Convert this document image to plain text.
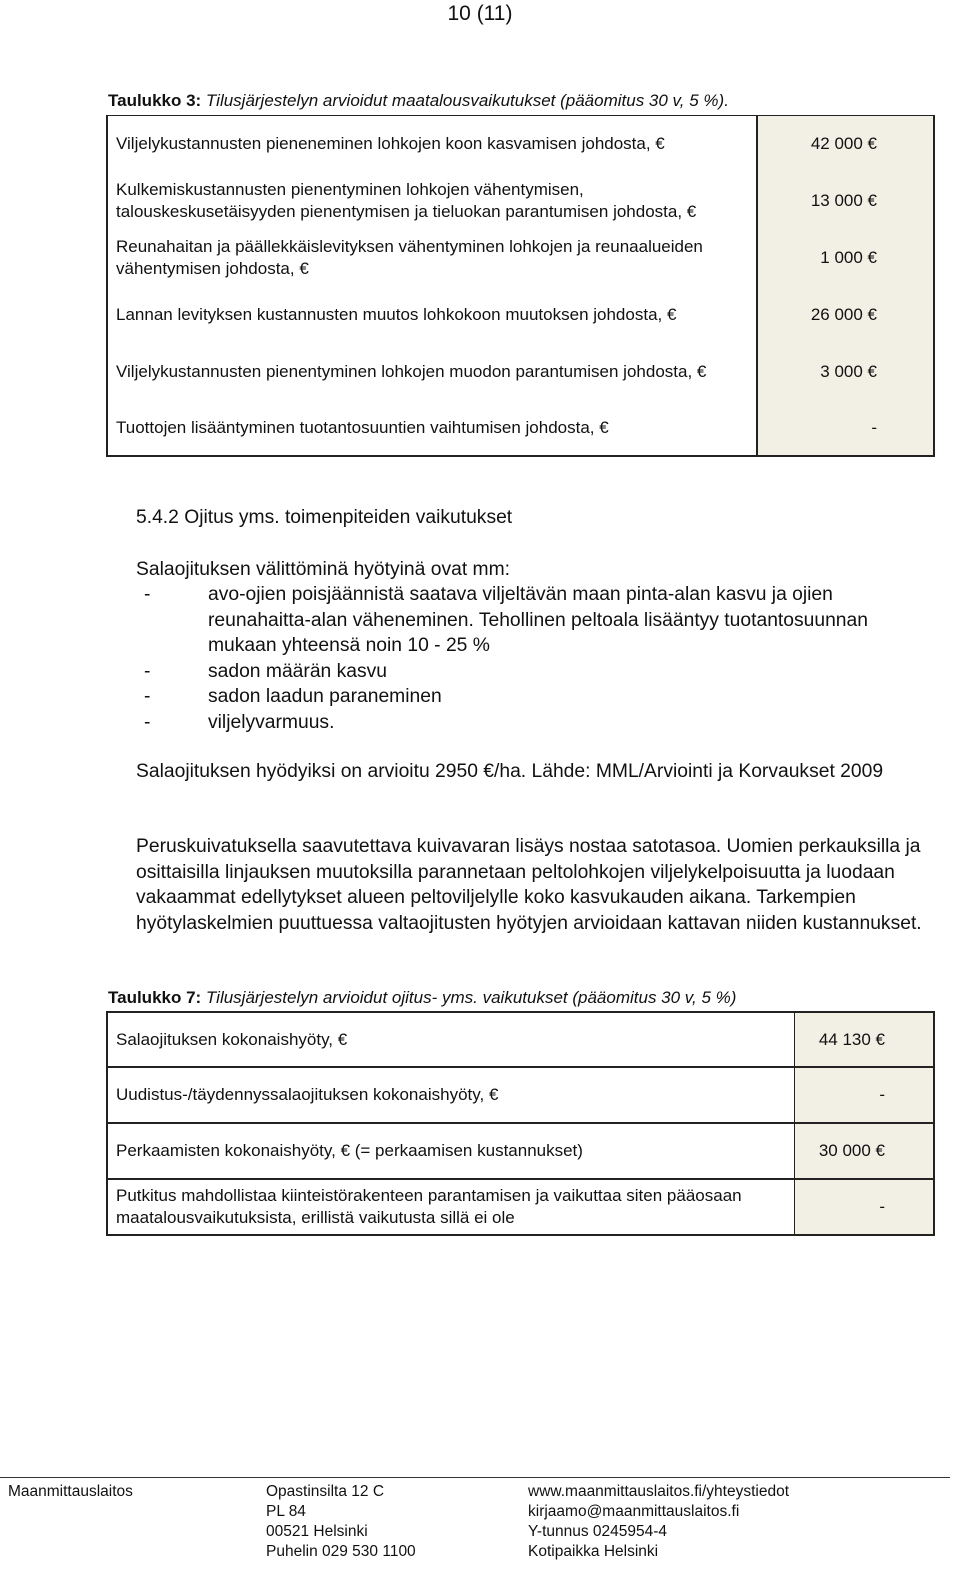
10 (11)
Taulukko 3: Tilusjärjestelyn arvioidut maatalousvaikutukset (pääomitus 30 v, 5 %).
Viljelykustannusten pieneneminen lohkojen koon kasvamisen johdosta, €	42 000 €
Kulkemiskustannusten pienentyminen lohkojen vähentymisen, talouskeskusetäisyyden pienentymisen ja tieluokan parantumisen johdosta, €	13 000 €
Reunahaitan ja päällekkäislevityksen vähentyminen lohkojen ja reunaalueiden vähentymisen johdosta, €	1 000 €
Lannan levityksen kustannusten muutos lohkokoon muutoksen johdosta, €	26 000 €
Viljelykustannusten pienentyminen lohkojen muodon parantumisen johdosta, €	3 000 €
Tuottojen lisääntyminen tuotantosuuntien vaihtumisen johdosta, €	-
5.4.2 Ojitus yms. toimenpiteiden vaikutukset
Salaojituksen välittöminä hyötyinä ovat mm:
-	avo-ojien poisjäännistä saatava viljeltävän maan pinta-alan kasvu ja ojien reunahaitta-alan väheneminen. Tehollinen peltoala lisääntyy tuotantosuunnan mukaan yhteensä noin 10 - 25 %
-	sadon määrän kasvu
-	sadon laadun paraneminen
-	viljelyvarmuus.
Salaojituksen hyödyiksi on arvioitu 2950 €/ha. Lähde: MML/Arviointi ja Korvaukset 2009
Peruskuivatuksella saavutettava kuivavaran lisäys nostaa satotasoa. Uomien perkauksilla ja osittaisilla linjauksen muutoksilla parannetaan peltolohkojen viljelykelpoisuutta ja luodaan vakaammat edellytykset alueen peltoviljelylle koko kasvukauden aikana. Tarkempien hyötylaskelmien puuttuessa valtaojitusten hyötyjen arvioidaan kattavan niiden kustannukset.
Taulukko 7: Tilusjärjestelyn arvioidut ojitus- yms. vaikutukset (pääomitus 30 v, 5 %)
Salaojituksen kokonaishyöty, €	44 130 €
Uudistus-/täydennyssalaojituksen kokonaishyöty, €	-
Perkaamisten kokonaishyöty, € (= perkaamisen kustannukset)	30 000 €
Putkitus mahdollistaa kiinteistörakenteen parantamisen ja vaikuttaa siten pääosaan maatalousvaikutuksista, erillistä vaikutusta sillä ei ole	-
Maanmittauslaitos	Opastinsilta 12 C
PL 84
00521 Helsinki
Puhelin 029 530 1100
www.maanmittauslaitos.fi/yhteystiedot
kirjaamo@maanmittauslaitos.fi
Y-tunnus 0245954-4
Kotipaikka Helsinki
